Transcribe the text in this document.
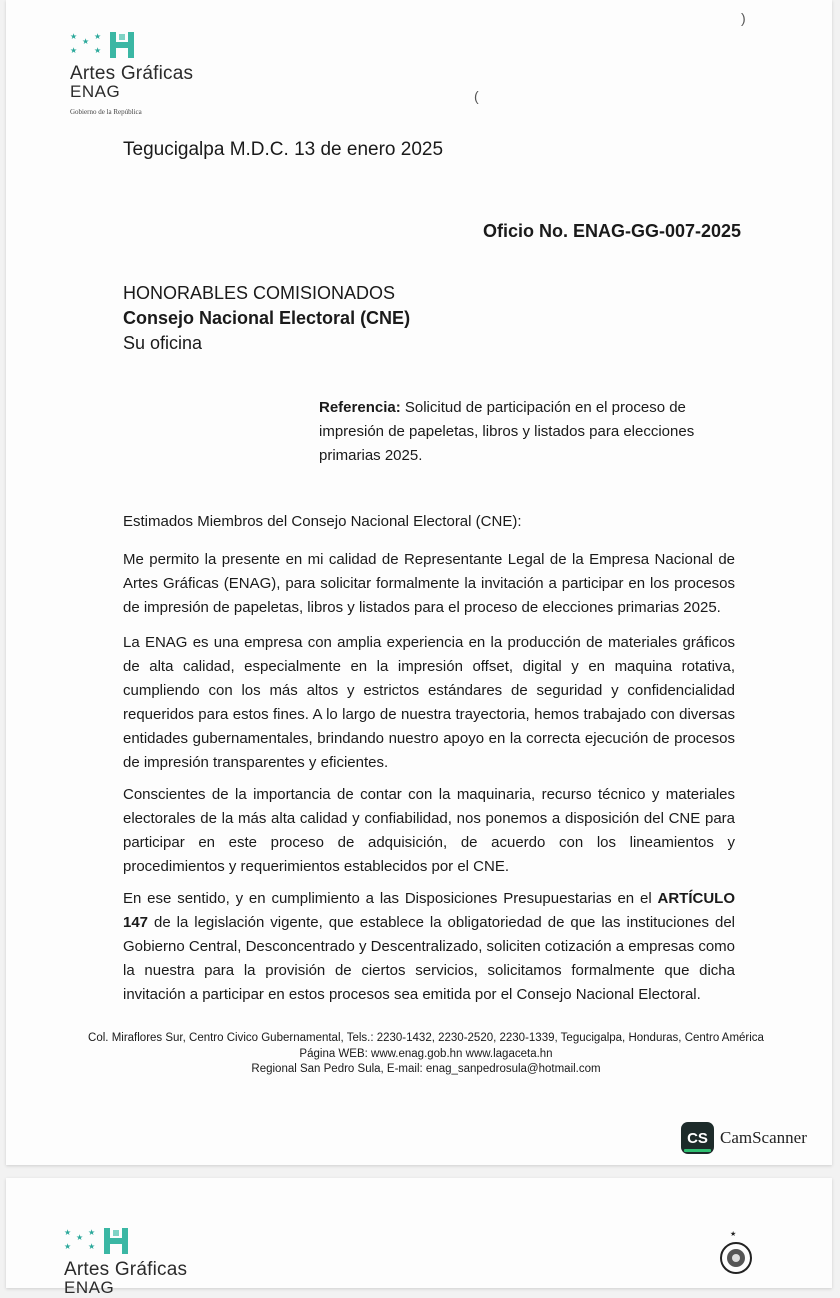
★
★
★
★ ★
Artes Gráficas
ENAG
Gobierno de la República
)
(
Tegucigalpa M.D.C. 13 de enero 2025
Oficio No. ENAG-GG-007-2025
HONORABLES COMISIONADOS
Consejo Nacional Electoral (CNE)
Su oficina
Referencia: Solicitud de participación en el proceso de impresión de papeletas, libros y listados para elecciones primarias 2025.
Estimados Miembros del Consejo Nacional Electoral (CNE):
Me permito la presente en mi calidad de Representante Legal de la Empresa Nacional de Artes Gráficas (ENAG), para solicitar formalmente la invitación a participar en los procesos de impresión de papeletas, libros y listados para el proceso de elecciones primarias 2025.
La ENAG es una empresa con amplia experiencia en la producción de materiales gráficos de alta calidad, especialmente en la impresión offset, digital y en maquina rotativa, cumpliendo con los más altos y estrictos estándares de seguridad y confidencialidad requeridos para estos fines. A lo largo de nuestra trayectoria, hemos trabajado con diversas entidades gubernamentales, brindando nuestro apoyo en la correcta ejecución de procesos de impresión transparentes y eficientes.
Conscientes de la importancia de contar con la maquinaria, recurso técnico y materiales electorales de la más alta calidad y confiabilidad, nos ponemos a disposición del CNE para participar en este proceso de adquisición, de acuerdo con los lineamientos y procedimientos y requerimientos establecidos por el CNE.
En ese sentido, y en cumplimiento a las Disposiciones Presupuestarias en el ARTÍCULO 147 de la legislación vigente, que establece la obligatoriedad de que las instituciones del Gobierno Central, Desconcentrado y Descentralizado, soliciten cotización a empresas como la nuestra para la provisión de ciertos servicios, solicitamos formalmente que dicha invitación a participar en estos procesos sea emitida por el Consejo Nacional Electoral.
Col. Miraflores Sur, Centro Civico Gubernamental, Tels.: 2230-1432, 2230-2520, 2230-1339, Tegucigalpa, Honduras, Centro América
Página WEB: www.enag.gob.hn www.lagaceta.hn
Regional San Pedro Sula, E-mail: enag_sanpedrosula@hotmail.com
CS CamScanner
★
★
★
★ ★
Artes Gráficas
ENAG
★
